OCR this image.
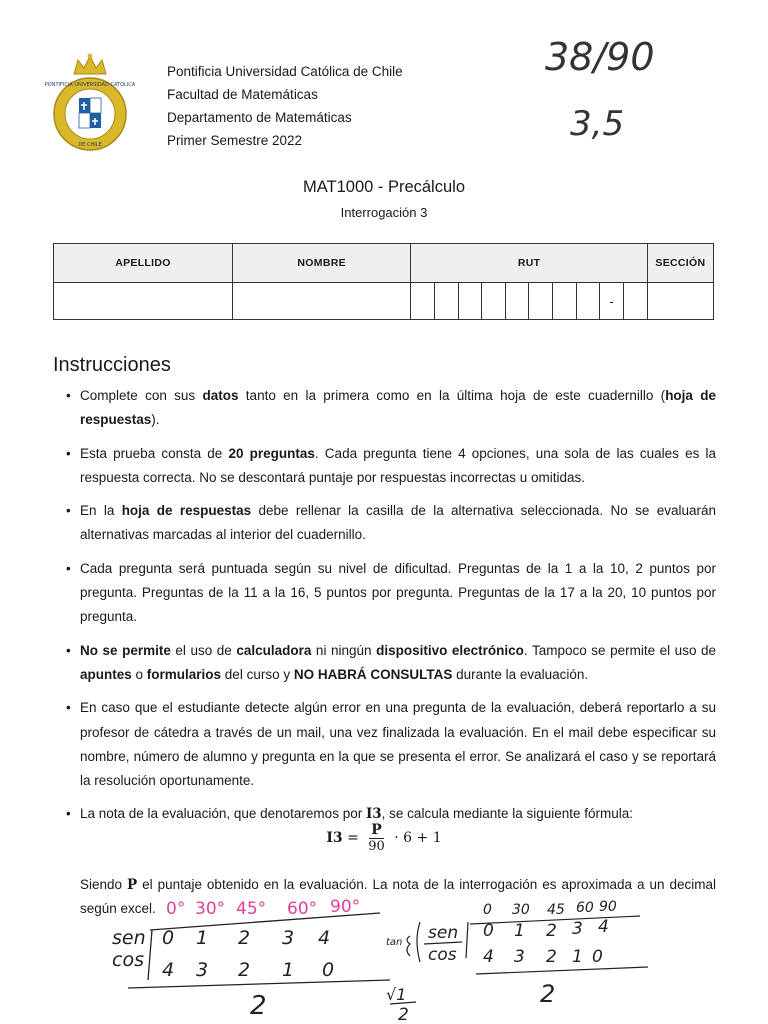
PONTIFICIA UNIVERSIDAD CATOLICA
DE CHILE
Pontificia Universidad Católica de Chile
Facultad de Matemáticas
Departamento de Matemáticas
Primer Semestre 2022
MAT1000 - Precálculo
Interrogación 3
APELLIDO	NOMBRE	RUT										SECCIÓN
										-		
Instrucciones
• Complete con sus datos tanto en la primera como en la última hoja de este cuadernillo (hoja de respuestas).
• Esta prueba consta de 20 preguntas. Cada pregunta tiene 4 opciones, una sola de las cuales es la respuesta correcta. No se descontará puntaje por respuestas incorrectas u omitidas.
• En la hoja de respuestas debe rellenar la casilla de la alternativa seleccionada. No se evaluarán alternativas marcadas al interior del cuadernillo.
• Cada pregunta será puntuada según su nivel de dificultad. Preguntas de la 1 a la 10, 2 puntos por pregunta. Preguntas de la 11 a la 16, 5 puntos por pregunta. Preguntas de la 17 a la 20, 10 puntos por pregunta.
• No se permite el uso de calculadora ni ningún dispositivo electrónico. Tampoco se permite el uso de apuntes o formularios del curso y NO HABRÁ CONSULTAS durante la evaluación.
• En caso que el estudiante detecte algún error en una pregunta de la evaluación, deberá reportarlo a su profesor de cátedra a través de un mail, una vez finalizada la evaluación. En el mail debe especificar su nombre, número de alumno y pregunta en la que se presenta el error. Se analizará el caso y se reportará la resolución oportunamente.
• La nota de la evaluación, que denotaremos por I3, se calcula mediante la siguiente fórmula:
$I3 = \frac{P}{90} \cdot 6 + 1$
Siendo P el puntaje obtenido en la evaluación. La nota de la interrogación es aproximada a un decimal según excel.
38/90
3,5
0° 30° 45° 60° 90°
sen
cos
0 1 2 3 4
4 3 2 1 0
2	√1
2
tan sen
cos
0 30 45 60 90
0 1 2 3 4
4 3 2 1 0
2
